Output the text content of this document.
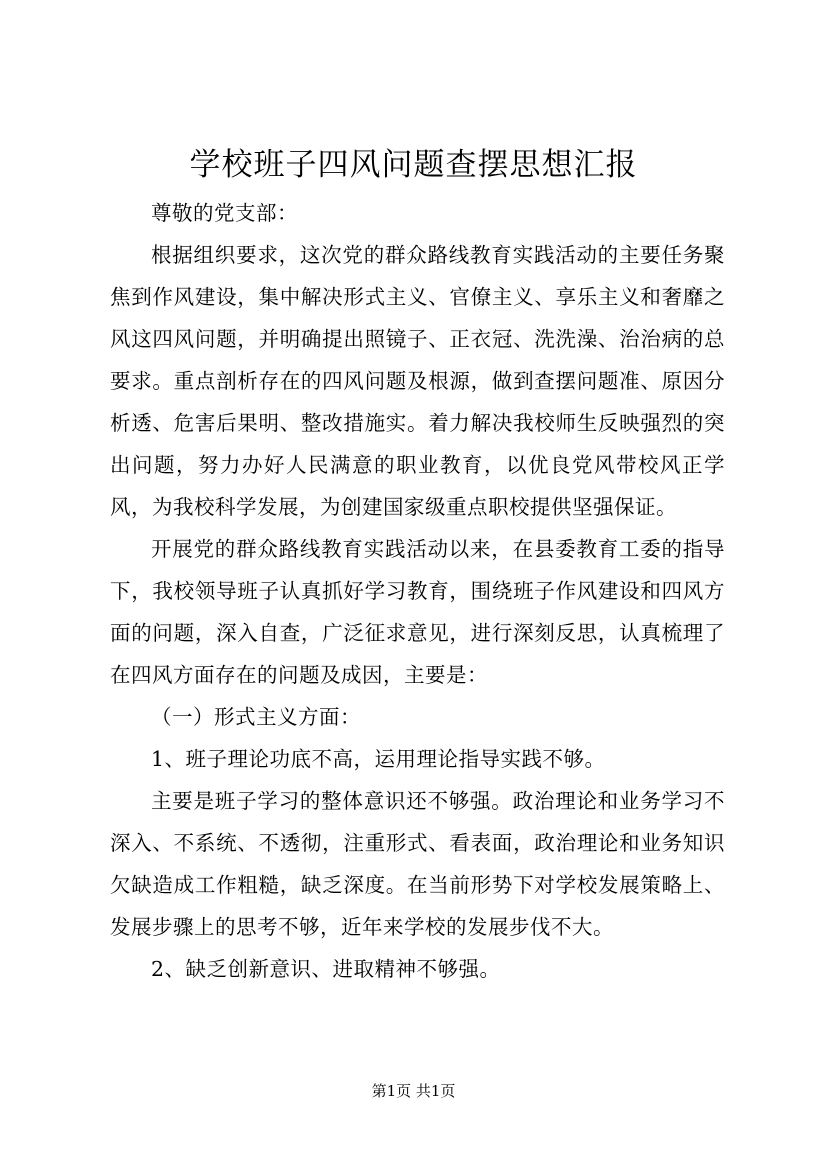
学校班子四风问题查摆思想汇报

尊敬的党支部：

根据组织要求，这次党的群众路线教育实践活动的主要任务聚焦到作风建设，集中解决形式主义、官僚主义、享乐主义和奢靡之风这四风问题，并明确提出照镜子、正衣冠、洗洗澡、治治病的总要求。重点剖析存在的四风问题及根源，做到查摆问题准、原因分析透、危害后果明、整改措施实。着力解决我校师生反映强烈的突出问题，努力办好人民满意的职业教育，以优良党风带校风正学风，为我校科学发展，为创建国家级重点职校提供坚强保证。

开展党的群众路线教育实践活动以来，在县委教育工委的指导下，我校领导班子认真抓好学习教育，围绕班子作风建设和四风方面的问题，深入自查，广泛征求意见，进行深刻反思，认真梳理了在四风方面存在的问题及成因，主要是：

（一）形式主义方面：

1、班子理论功底不高，运用理论指导实践不够。

主要是班子学习的整体意识还不够强。政治理论和业务学习不深入、不系统、不透彻，注重形式、看表面，政治理论和业务知识欠缺造成工作粗糙，缺乏深度。在当前形势下对学校发展策略上、发展步骤上的思考不够，近年来学校的发展步伐不大。

2、缺乏创新意识、进取精神不够强。

第1页 共1页
